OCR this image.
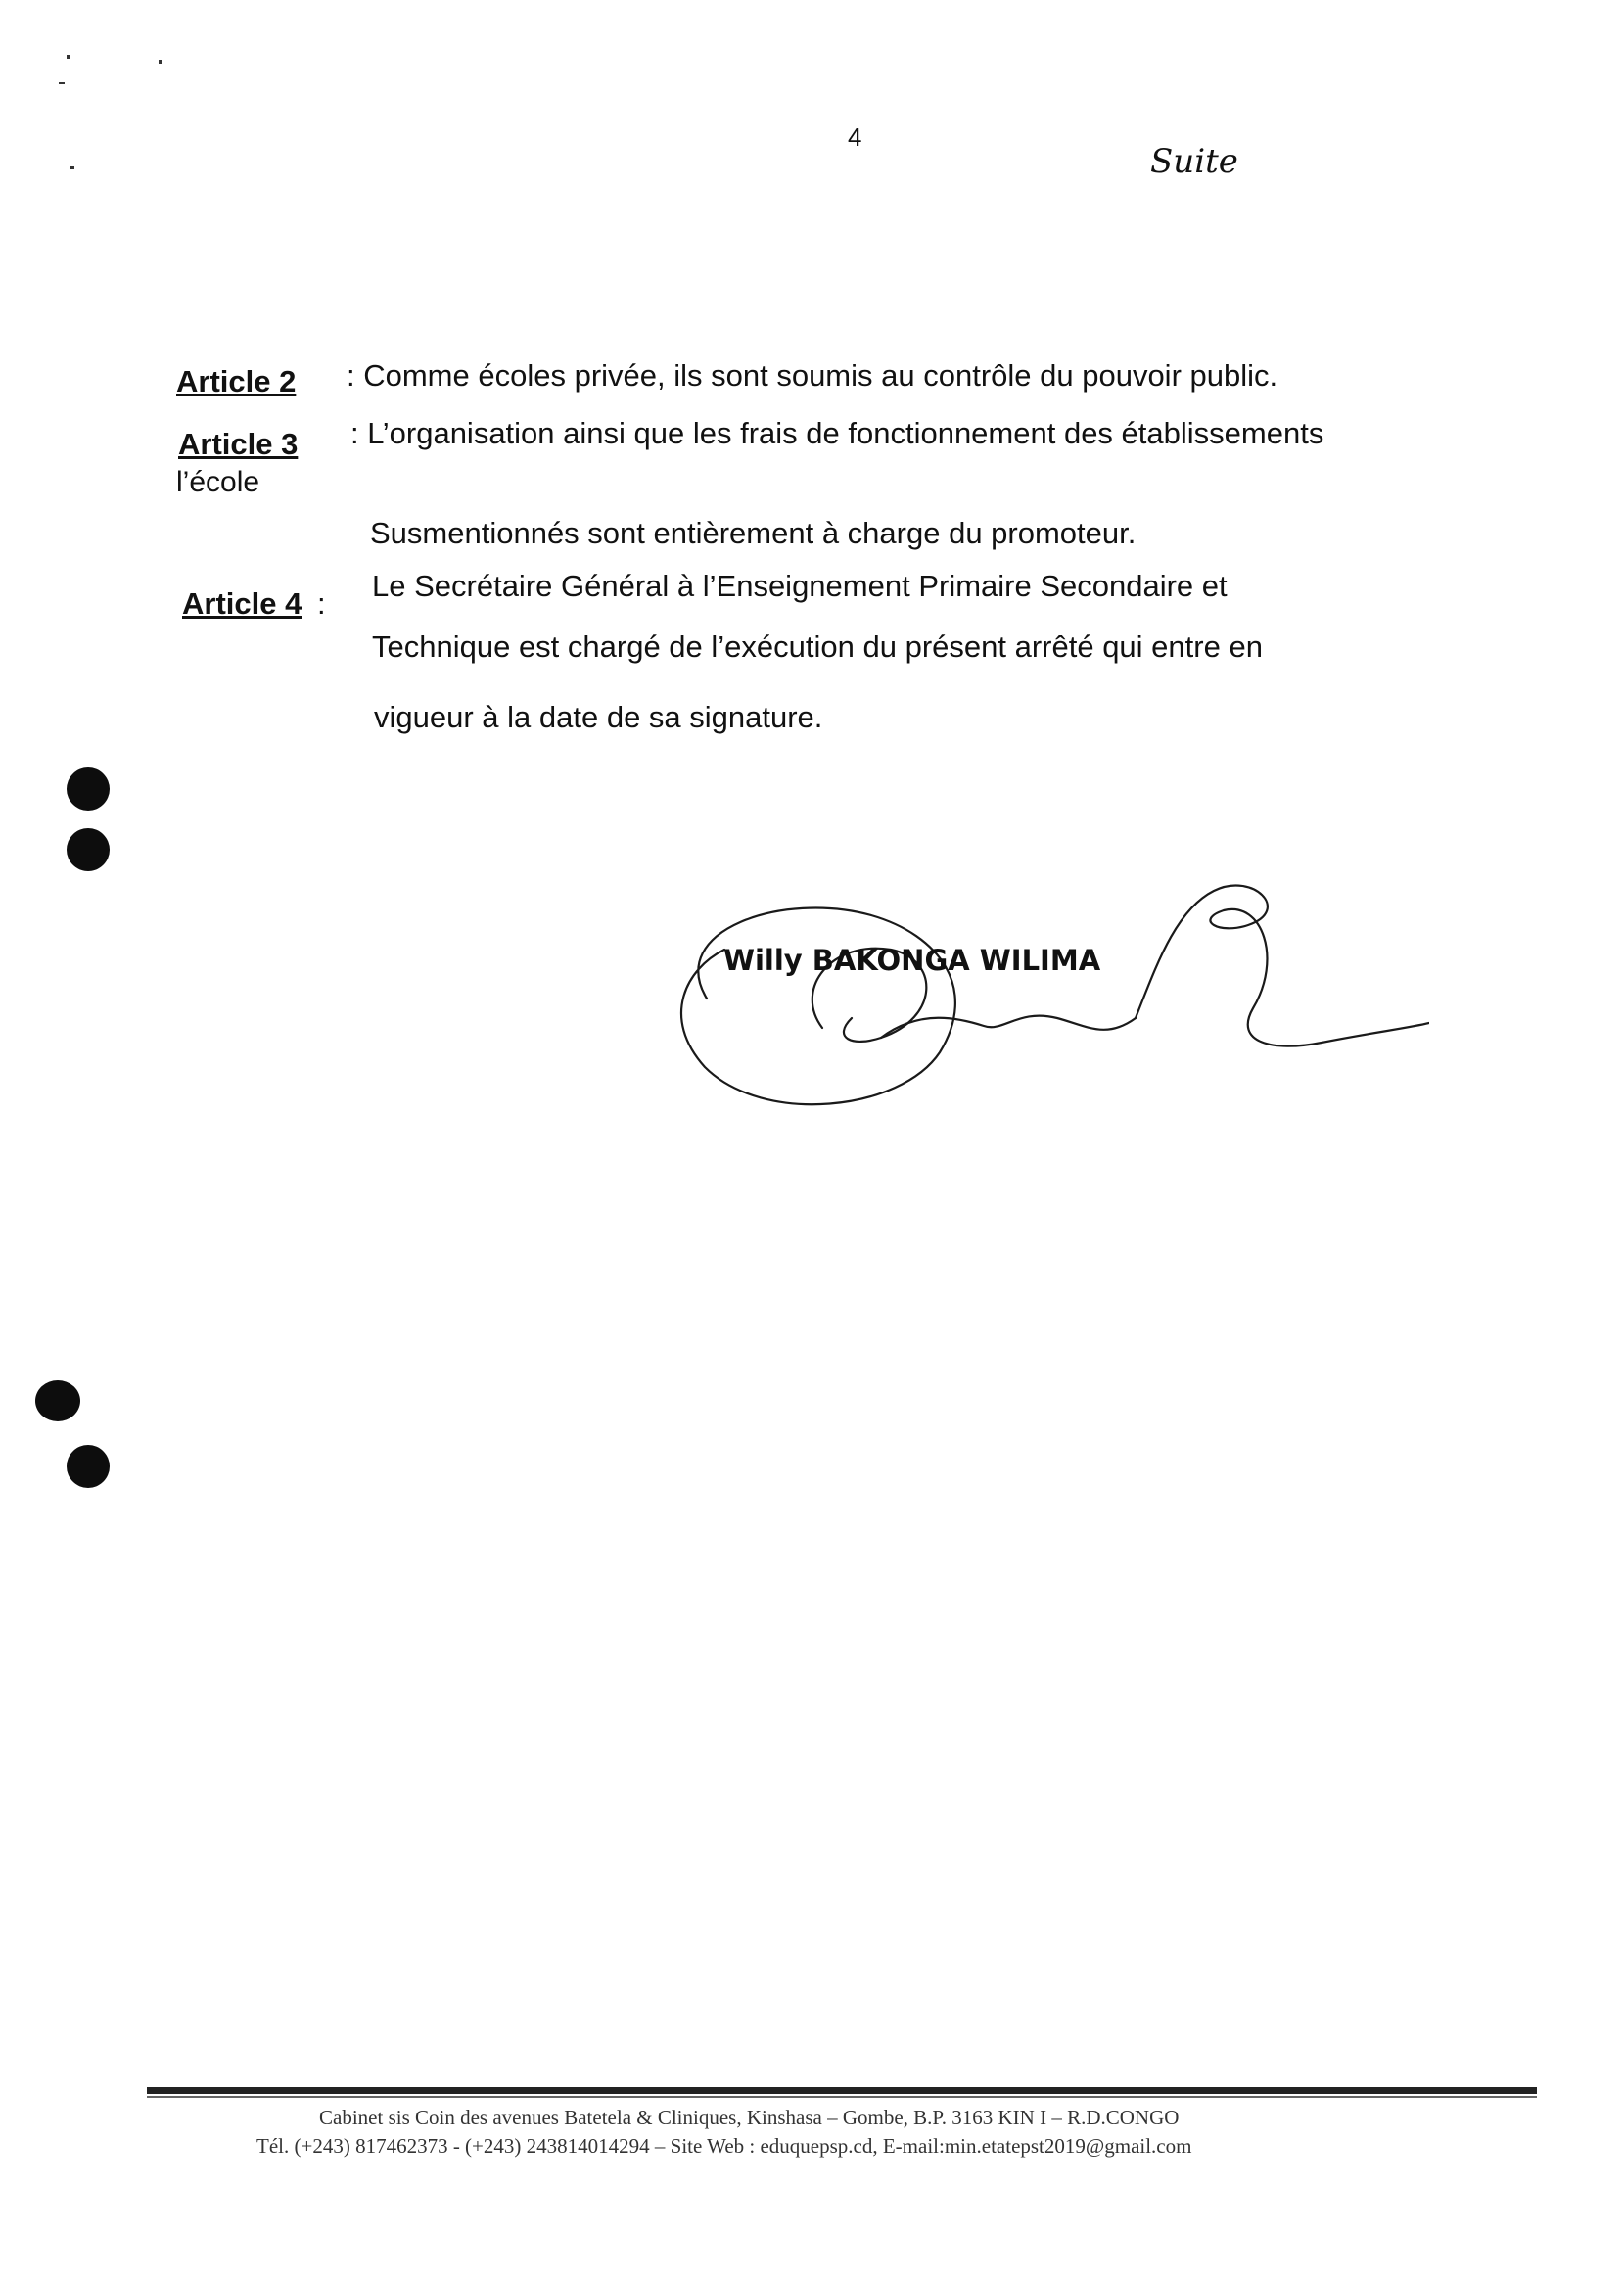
4
Suite
Article 2 : Comme écoles privée, ils sont soumis au contrôle du pouvoir public.
Article 3 : L’organisation ainsi que les frais de fonctionnement des établissements
l’école
Susmentionnés sont entièrement à charge du promoteur.
Article 4 :
Le Secrétaire Général à l’Enseignement Primaire Secondaire et
Technique est chargé de l’exécution du présent arrêté qui entre en
vigueur à la date de sa signature.
Willy BAKONGA WILIMA
Cabinet sis Coin des avenues Batetela & Cliniques, Kinshasa – Gombe, B.P. 3163 KIN I – R.D.CONGO
Tél. (+243) 817462373 - (+243) 243814014294 – Site Web : eduquepsp.cd, E-mail:min.etatepst2019@gmail.com
